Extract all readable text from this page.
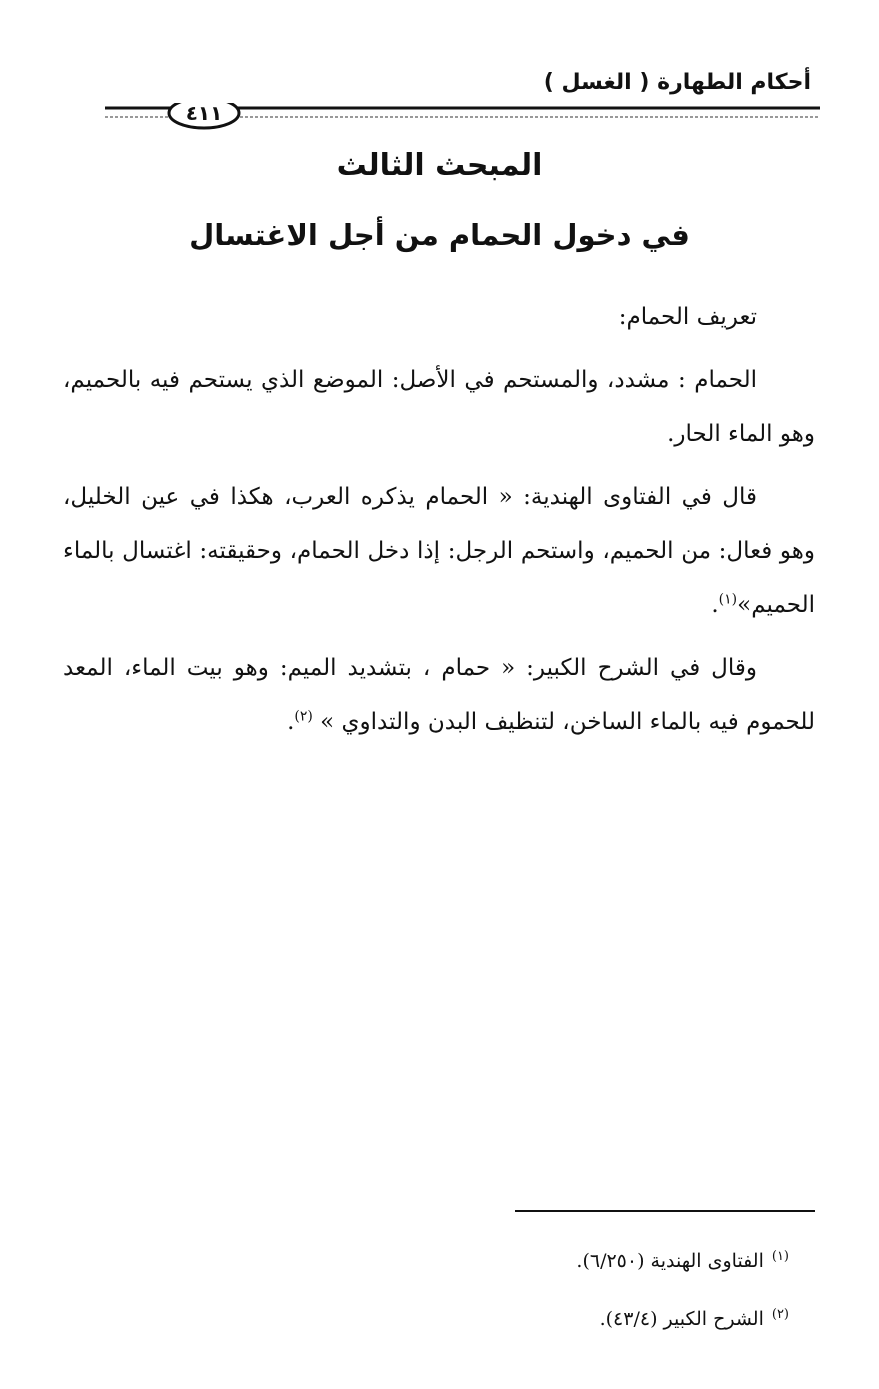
أحكام الطهارة ( الغسل )
٤١١
المبحث الثالث
في دخول الحمام من أجل الاغتسال

تعريف الحمام:

الحمام : مشدد، والمستحم في الأصل: الموضع الذي يستحم فيه بالحميم، وهو الماء الحار.

قال في الفتاوى الهندية: « الحمام يذكره العرب، هكذا في عين الخليل، وهو فعال: من الحميم، واستحم الرجل: إذا دخل الحمام، وحقيقته: اغتسال بالماء الحميم»$^{(١)}$.

وقال في الشرح الكبير: « حمام ، بتشديد الميم: وهو بيت الماء، المعد للحموم فيه بالماء الساخن، لتنظيف البدن والتداوي » $^{(٢)}$.

$^{(١)}$الفتاوى الهندية (٦/٢٥٠).
$^{(٢)}$الشرح الكبير (٤٣/٤).
